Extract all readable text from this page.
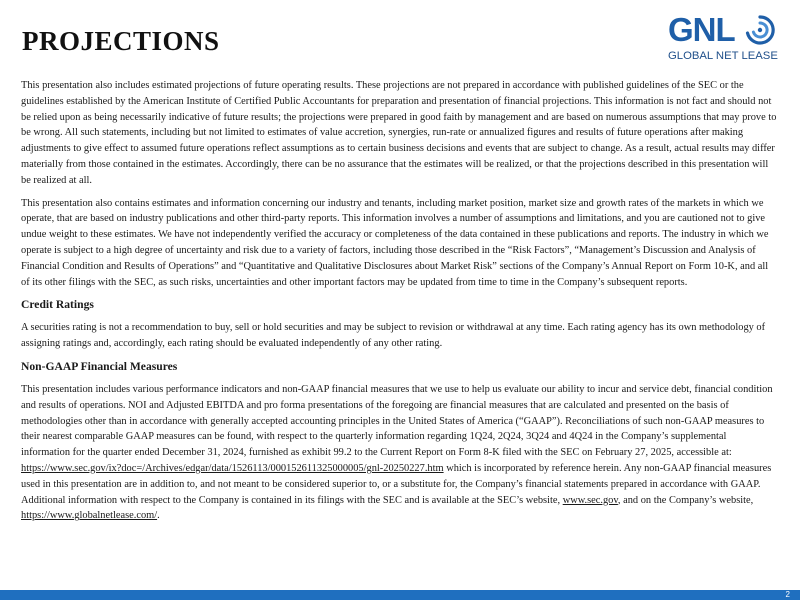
PROJECTIONS	GNL
GLOBAL NET LEASE

This presentation also includes estimated projections of future operating results. These projections are not prepared in accordance with published guidelines of the SEC or the guidelines established by the American Institute of Certified Public Accountants for preparation and presentation of financial projections. This information is not fact and should not be relied upon as being necessarily indicative of future results; the projections were prepared in good faith by management and are based on numerous assumptions that may prove to be wrong. All such statements, including but not limited to estimates of value accretion, synergies, run-rate or annualized figures and results of future operations after making adjustments to give effect to assumed future operations reflect assumptions as to certain business decisions and events that are subject to change. As a result, actual results may differ materially from those contained in the estimates. Accordingly, there can be no assurance that the estimates will be realized, or that the projections described in this presentation will be realized at all.

This presentation also contains estimates and information concerning our industry and tenants, including market position, market size and growth rates of the markets in which we operate, that are based on industry publications and other third-party reports. This information involves a number of assumptions and limitations, and you are cautioned not to give undue weight to these estimates. We have not independently verified the accuracy or completeness of the data contained in these publications and reports. The industry in which we operate is subject to a high degree of uncertainty and risk due to a variety of factors, including those described in the “Risk Factors”, “Management’s Discussion and Analysis of Financial Condition and Results of Operations” and “Quantitative and Qualitative Disclosures about Market Risk” sections of the Company’s Annual Report on Form 10-K, and all of its other filings with the SEC, as such risks, uncertainties and other important factors may be updated from time to time in the Company’s subsequent reports.

Credit Ratings

A securities rating is not a recommendation to buy, sell or hold securities and may be subject to revision or withdrawal at any time. Each rating agency has its own methodology of assigning ratings and, accordingly, each rating should be evaluated independently of any other rating.

Non-GAAP Financial Measures

This presentation includes various performance indicators and non-GAAP financial measures that we use to help us evaluate our ability to incur and service debt, financial condition and results of operations. NOI and Adjusted EBITDA and pro forma presentations of the foregoing are financial measures that are calculated and presented on the basis of methodologies other than in accordance with generally accepted accounting principles in the United States of America (“GAAP”). Reconciliations of such non-GAAP measures to their nearest comparable GAAP measures can be found, with respect to the quarterly information regarding 1Q24, 2Q24, 3Q24 and 4Q24 in the Company’s supplemental information for the quarter ended December 31, 2024, furnished as exhibit 99.2 to the Current Report on Form 8-K filed with the SEC on February 27, 2025, accessible at: https://www.sec.gov/ix?doc=/Archives/edgar/data/1526113/000152611325000005/gnl-20250227.htm which is incorporated by reference herein. Any non-GAAP financial measures used in this presentation are in addition to, and not meant to be considered superior to, or a substitute for, the Company’s financial statements prepared in accordance with GAAP. Additional information with respect to the Company is contained in its filings with the SEC and is available at the SEC’s website, www.sec.gov, and on the Company’s website, https://www.globalnetlease.com/.

2
